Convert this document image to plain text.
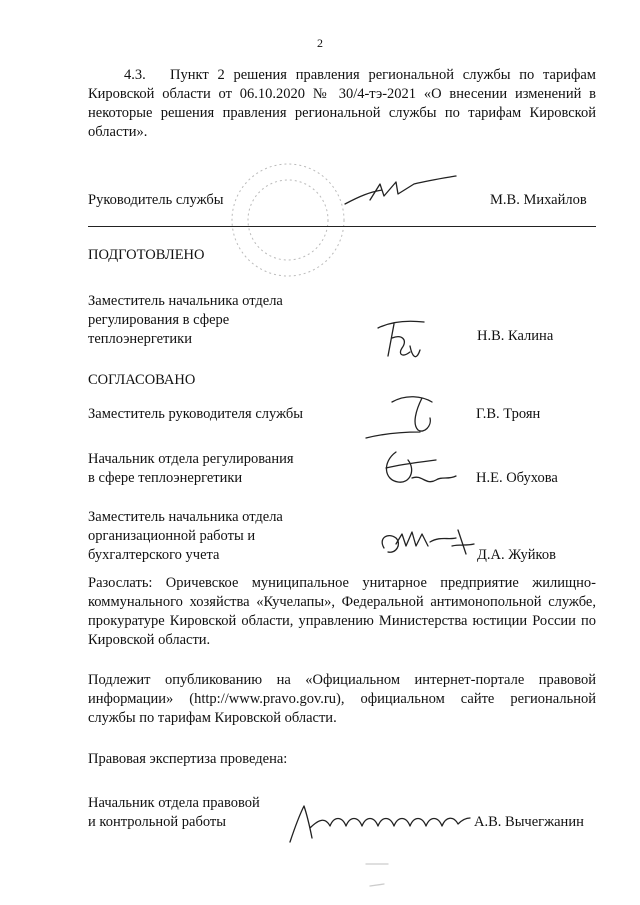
2
4.3. Пункт 2 решения правления региональной службы по тарифам
Кировской области от 06.10.2020 № 30/4-тэ-2021 «О внесении изменений в
некоторые решения правления региональной службы по тарифам Кировской
области».
Руководитель службы	М.В. Михайлов
ПОДГОТОВЛЕНО
Заместитель начальника отдела
регулирования в сфере
теплоэнергетики	Н.В. Калина
СОГЛАСОВАНО
Заместитель руководителя службы	Г.В. Троян
Начальник отдела регулирования
в сфере теплоэнергетики	Н.Е. Обухова
Заместитель начальника отдела
организационной работы и
бухгалтерского учета	Д.А. Жуйков
Разослать: Оричевское муниципальное унитарное предприятие жилищно-коммунального хозяйства «Кучелапы», Федеральной антимонопольной службе, прокуратуре Кировской области, управлению Министерства юстиции России по Кировской области.
Подлежит опубликованию на «Официальном интернет-портале правовой информации» (http://www.pravo.gov.ru), официальном сайте региональной службы по тарифам Кировской области.
Правовая экспертиза проведена:
Начальник отдела правовой
и контрольной работы	А.В. Вычегжанин
